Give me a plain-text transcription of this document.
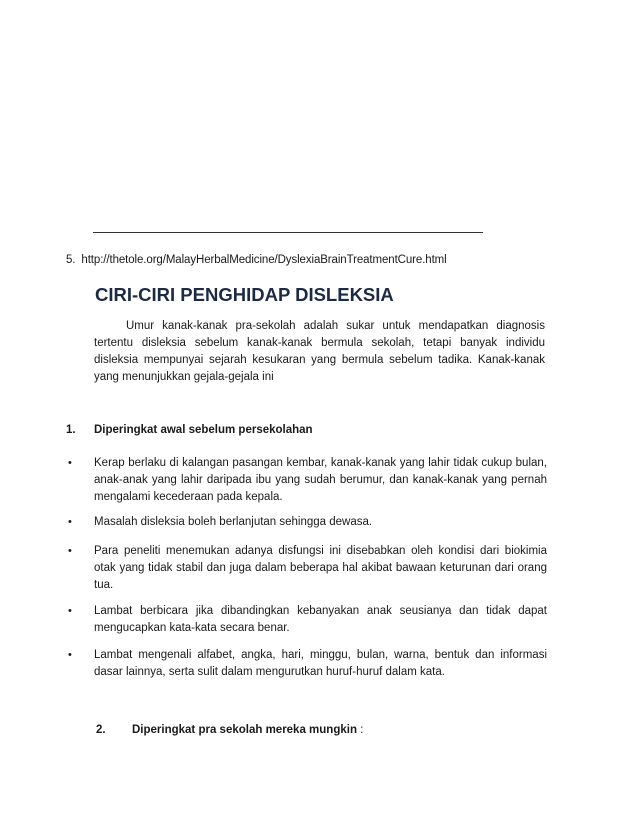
5. http://thetole.org/MalayHerbalMedicine/DyslexiaBrainTreatmentCure.html
CIRI-CIRI PENGHIDAP DISLEKSIA

Umur kanak-kanak pra-sekolah adalah sukar untuk mendapatkan diagnosis tertentu disleksia sebelum kanak-kanak bermula sekolah, tetapi banyak individu disleksia mempunyai sejarah kesukaran yang bermula sebelum tadika. Kanak-kanak yang menunjukkan gejala-gejala ini

1. Diperingkat awal sebelum persekolahan
• Kerap berlaku di kalangan pasangan kembar, kanak-kanak yang lahir tidak cukup bulan, anak-anak yang lahir daripada ibu yang sudah berumur, dan kanak-kanak yang pernah mengalami kecederaan pada kepala.
• Masalah disleksia boleh berlanjutan sehingga dewasa.
• Para peneliti menemukan adanya disfungsi ini disebabkan oleh kondisi dari biokimia otak yang tidak stabil dan juga dalam beberapa hal akibat bawaan keturunan dari orang tua.
• Lambat berbicara jika dibandingkan kebanyakan anak seusianya dan tidak dapat mengucapkan kata-kata secara benar.
• Lambat mengenali alfabet, angka, hari, minggu, bulan, warna, bentuk dan informasi dasar lainnya, serta sulit dalam mengurutkan huruf-huruf dalam kata.
2. Diperingkat pra sekolah mereka mungkin :
